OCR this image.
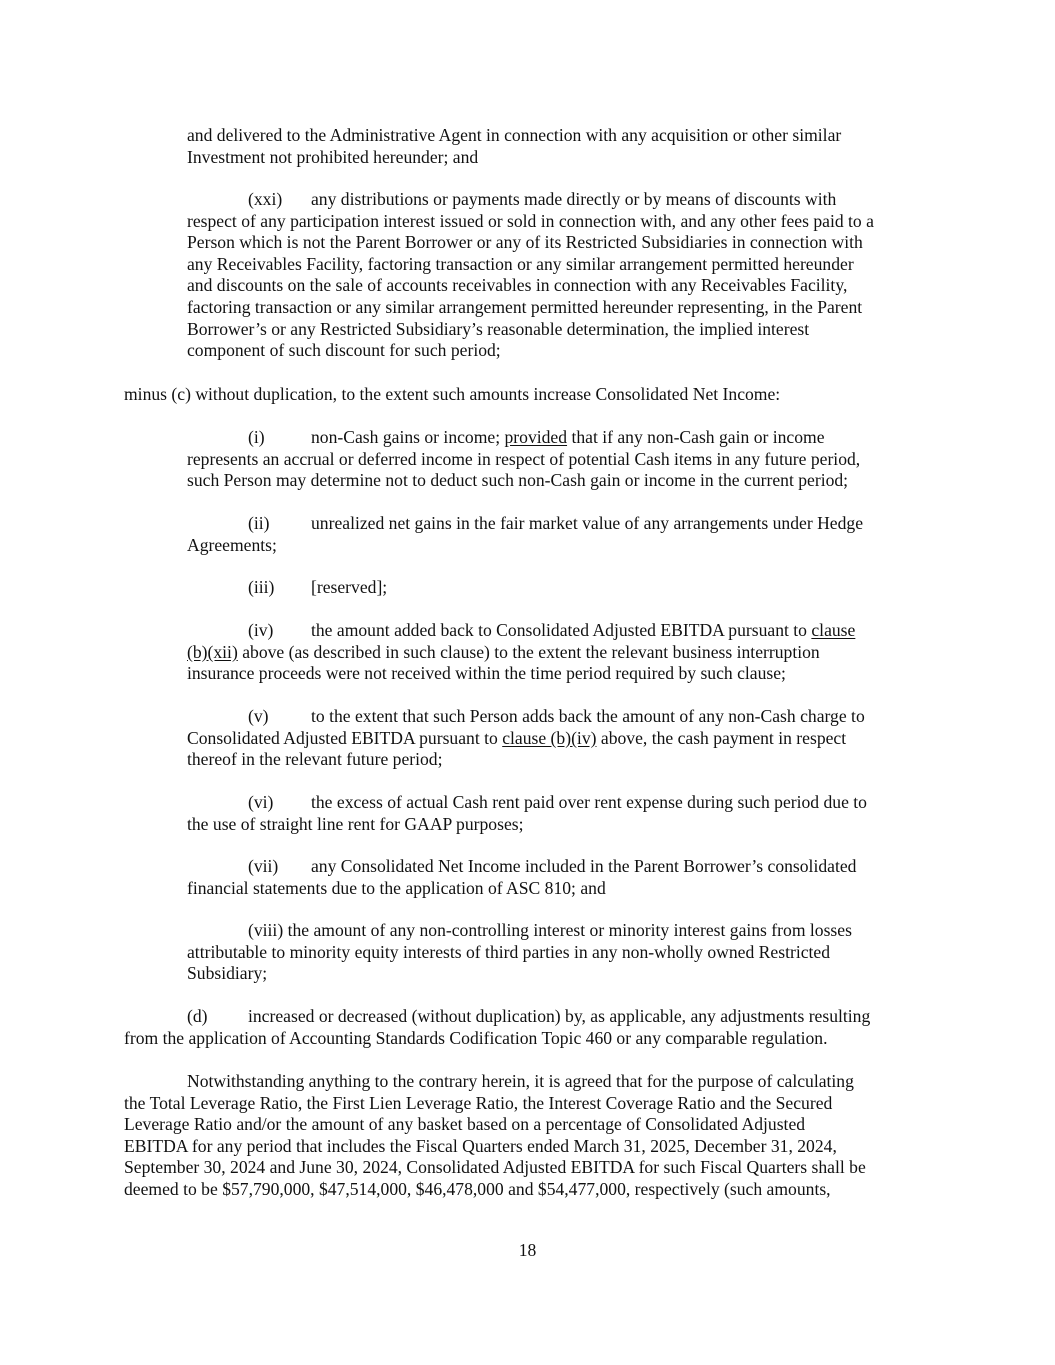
and delivered to the Administrative Agent in connection with any acquisition or other similar
Investment not prohibited hereunder; and
(xxi) any distributions or payments made directly or by means of discounts with
respect of any participation interest issued or sold in connection with, and any other fees paid to a
Person which is not the Parent Borrower or any of its Restricted Subsidiaries in connection with
any Receivables Facility, factoring transaction or any similar arrangement permitted hereunder
and discounts on the sale of accounts receivables in connection with any Receivables Facility,
factoring transaction or any similar arrangement permitted hereunder representing, in the Parent
Borrower’s or any Restricted Subsidiary’s reasonable determination, the implied interest
component of such discount for such period;
minus (c) without duplication, to the extent such amounts increase Consolidated Net Income:
(i)	non-Cash gains or income; provided that if any non-Cash gain or income
represents an accrual or deferred income in respect of potential Cash items in any future period,
such Person may determine not to deduct such non-Cash gain or income in the current period;
(ii) unrealized net gains in the fair market value of any arrangements under Hedge
Agreements;
(iii) [reserved];
(iv) the amount added back to Consolidated Adjusted EBITDA pursuant to clause
(b)(xii) above (as described in such clause) to the extent the relevant business interruption
insurance proceeds were not received within the time period required by such clause;
(v) to the extent that such Person adds back the amount of any non-Cash charge to
Consolidated Adjusted EBITDA pursuant to clause (b)(iv) above, the cash payment in respect
thereof in the relevant future period;
(vi) the excess of actual Cash rent paid over rent expense during such period due to
the use of straight line rent for GAAP purposes;
(vii) any Consolidated Net Income included in the Parent Borrower’s consolidated
financial statements due to the application of ASC 810; and
(viii) the amount of any non-controlling interest or minority interest gains from losses
attributable to minority equity interests of third parties in any non-wholly owned Restricted
Subsidiary;
(d) increased or decreased (without duplication) by, as applicable, any adjustments resulting
from the application of Accounting Standards Codification Topic 460 or any comparable regulation.
Notwithstanding anything to the contrary herein, it is agreed that for the purpose of calculating
the Total Leverage Ratio, the First Lien Leverage Ratio, the Interest Coverage Ratio and the Secured
Leverage Ratio and/or the amount of any basket based on a percentage of Consolidated Adjusted
EBITDA for any period that includes the Fiscal Quarters ended March 31, 2025, December 31, 2024,
September 30, 2024 and June 30, 2024, Consolidated Adjusted EBITDA for such Fiscal Quarters shall be
deemed to be $57,790,000, $47,514,000, $46,478,000 and $54,477,000, respectively (such amounts,
18
